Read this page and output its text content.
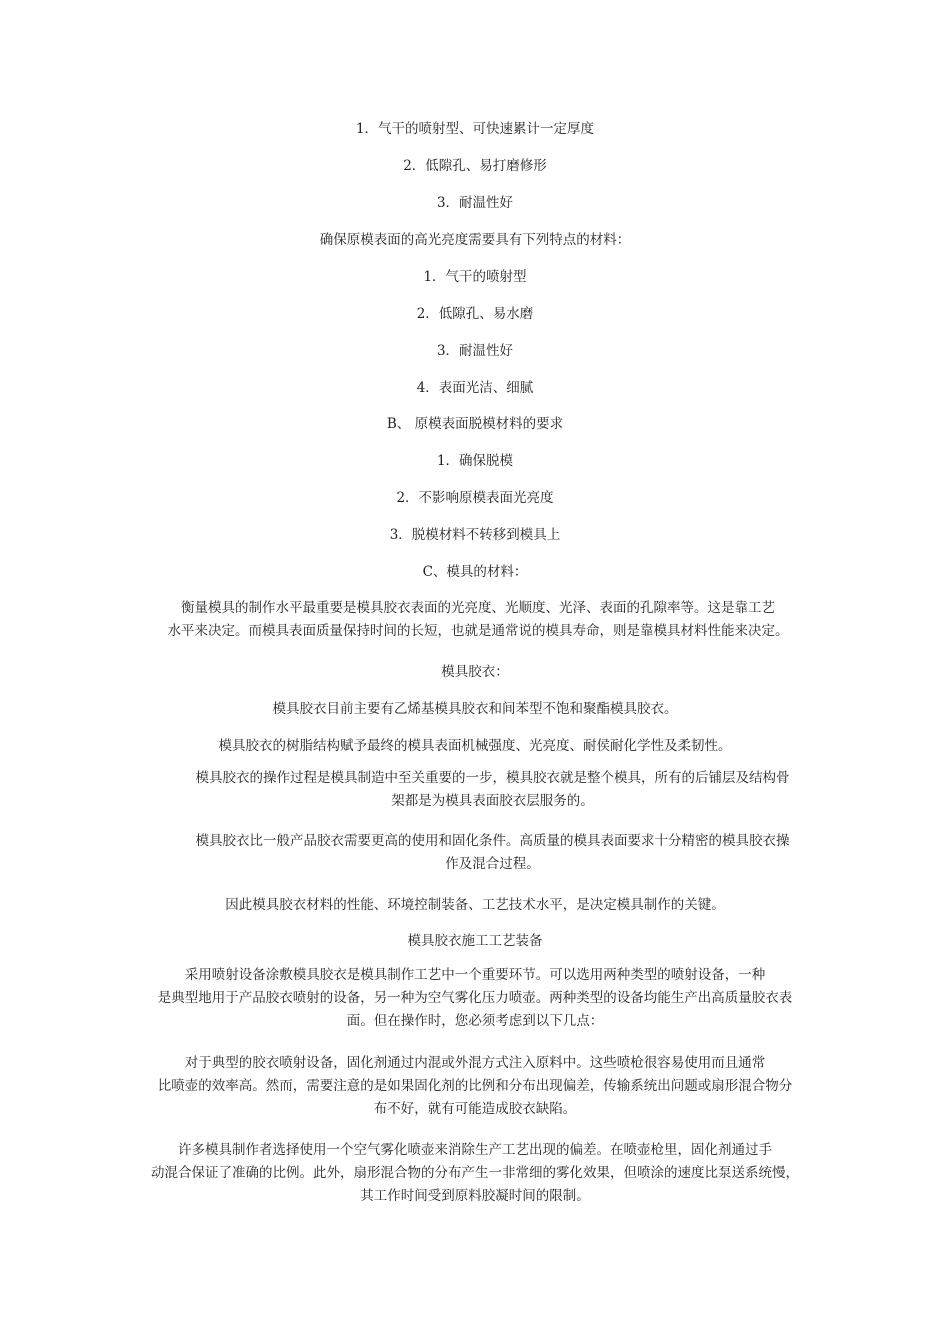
1．气干的喷射型、可快速累计一定厚度
2．低隙孔、易打磨修形
3．耐温性好
确保原模表面的高光亮度需要具有下列特点的材料：
1．气干的喷射型
2．低隙孔、易水磨
3．耐温性好
4．表面光洁、细腻
B、 原模表面脱模材料的要求
1．确保脱模
2．不影响原模表面光亮度
3．脱模材料不转移到模具上
C、模具的材料：
衡量模具的制作水平最重要是模具胶衣表面的光亮度、光顺度、光泽、表面的孔隙率等。这是靠工艺
水平来决定。而模具表面质量保持时间的长短，也就是通常说的模具寿命，则是靠模具材料性能来决定。
模具胶衣：
模具胶衣目前主要有乙烯基模具胶衣和间苯型不饱和聚酯模具胶衣。
模具胶衣的树脂结构赋予最终的模具表面机械强度、光亮度、耐侯耐化学性及柔韧性。
模具胶衣的操作过程是模具制造中至关重要的一步，模具胶衣就是整个模具，所有的后铺层及结构骨
架都是为模具表面胶衣层服务的。
模具胶衣比一般产品胶衣需要更高的使用和固化条件。高质量的模具表面要求十分精密的模具胶衣操
作及混合过程。
因此模具胶衣材料的性能、环境控制装备、工艺技术水平，是决定模具制作的关键。
模具胶衣施工工艺装备
采用喷射设备涂敷模具胶衣是模具制作工艺中一个重要环节。可以选用两种类型的喷射设备，一种
是典型地用于产品胶衣喷射的设备，另一种为空气雾化压力喷壶。两种类型的设备均能生产出高质量胶衣表
面。但在操作时，您必须考虑到以下几点：
对于典型的胶衣喷射设备，固化剂通过内混或外混方式注入原料中。这些喷枪很容易使用而且通常
比喷壶的效率高。然而，需要注意的是如果固化剂的比例和分布出现偏差，传输系统出问题或扇形混合物分
布不好，就有可能造成胶衣缺陷。
许多模具制作者选择使用一个空气雾化喷壶来消除生产工艺出现的偏差。在喷壶枪里，固化剂通过手
动混合保证了准确的比例。此外，扇形混合物的分布产生一非常细的雾化效果，但喷涂的速度比泵送系统慢，
其工作时间受到原料胶凝时间的限制。
